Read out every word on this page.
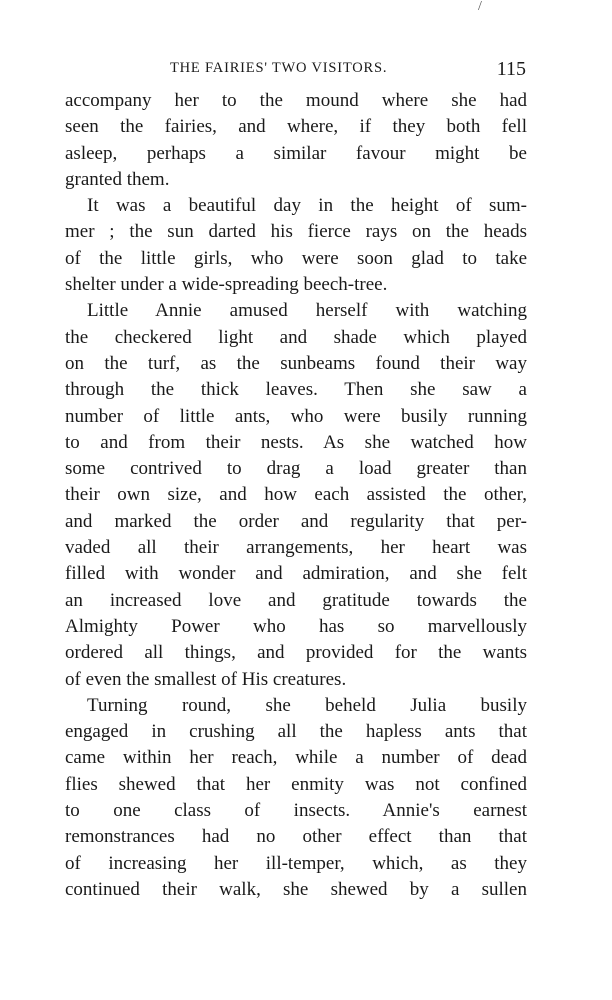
/
THE FAIRIES' TWO VISITORS.	115
accompany her to the mound where she had
seen the fairies, and where, if they both fell
asleep, perhaps a similar favour might be
granted them.
It was a beautiful day in the height of sum-
mer ; the sun darted his fierce rays on the heads
of the little girls, who were soon glad to take
shelter under a wide-spreading beech-tree.
Little Annie amused herself with watching
the checkered light and shade which played
on the turf, as the sunbeams found their way
through the thick leaves. Then she saw a
number of little ants, who were busily running
to and from their nests. As she watched how
some contrived to drag a load greater than
their own size, and how each assisted the other,
and marked the order and regularity that per-
vaded all their arrangements, her heart was
filled with wonder and admiration, and she felt
an increased love and gratitude towards the
Almighty Power who has so marvellously
ordered all things, and provided for the wants
of even the smallest of His creatures.
Turning round, she beheld Julia busily
engaged in crushing all the hapless ants that
came within her reach, while a number of dead
flies shewed that her enmity was not confined
to one class of insects. Annie's earnest
remonstrances had no other effect than that
of increasing her ill-temper, which, as they
continued their walk, she shewed by a sullen
